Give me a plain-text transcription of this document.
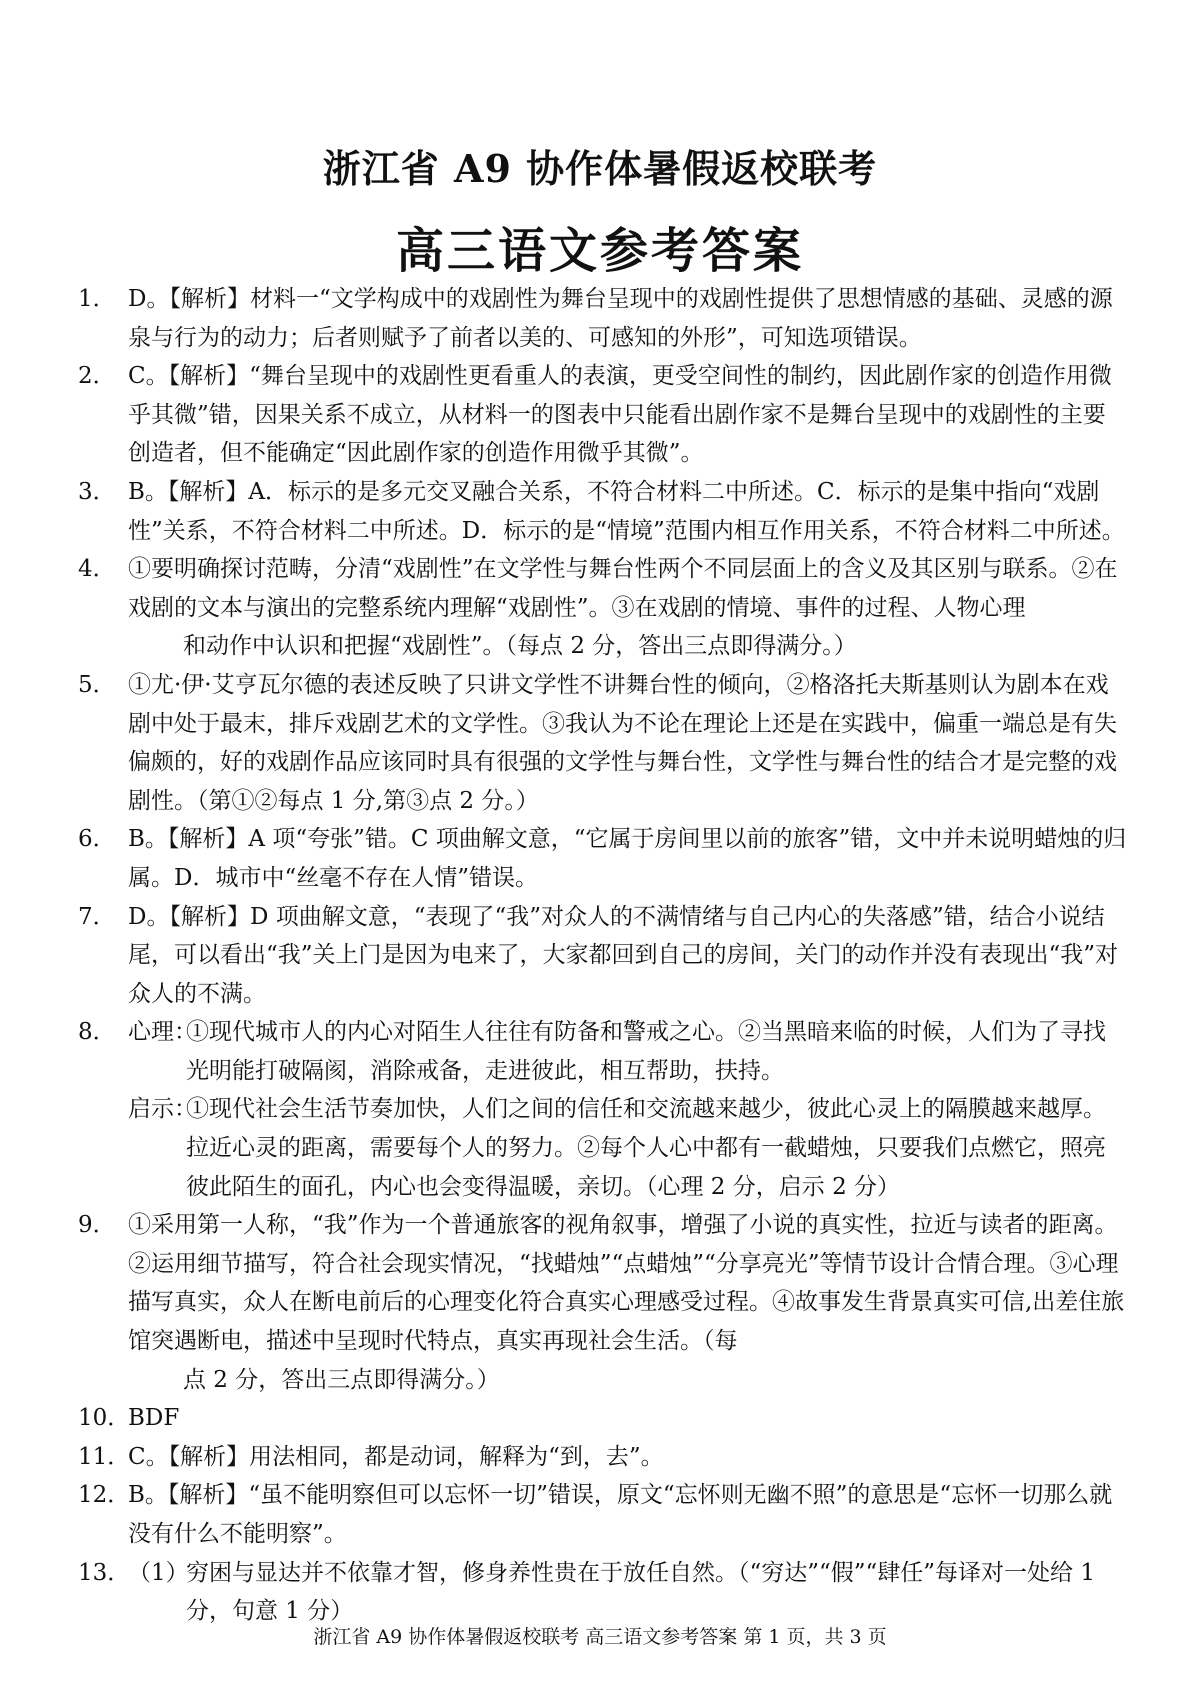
浙江省 A9 协作体暑假返校联考
高三语文参考答案
1． D。【解析】材料一“文学构成中的戏剧性为舞台呈现中的戏剧性提供了思想情感的基础、灵感的源泉与行为的动力；后者则赋予了前者以美的、可感知的外形”，可知选项错误。
2． C。【解析】“舞台呈现中的戏剧性更看重人的表演，更受空间性的制约，因此剧作家的创造作用微乎其微”错，因果关系不成立，从材料一的图表中只能看出剧作家不是舞台呈现中的戏剧性的主要创造者，但不能确定“因此剧作家的创造作用微乎其微”。
3． B。【解析】A．标示的是多元交叉融合关系，不符合材料二中所述。C．标示的是集中指向“戏剧性”关系，不符合材料二中所述。D．标示的是“情境”范围内相互作用关系，不符合材料二中所述。
4． ①要明确探讨范畴，分清“戏剧性”在文学性与舞台性两个不同层面上的含义及其区别与联系。②在戏剧的文本与演出的完整系统内理解“戏剧性”。③在戏剧的情境、事件的过程、人物心理
和动作中认识和把握“戏剧性”。（每点 2 分，答出三点即得满分。）
5． ①尤·伊·艾亨瓦尔德的表述反映了只讲文学性不讲舞台性的倾向，②格洛托夫斯基则认为剧本在戏剧中处于最末，排斥戏剧艺术的文学性。③我认为不论在理论上还是在实践中，偏重一端总是有失偏颇的，好的戏剧作品应该同时具有很强的文学性与舞台性，文学性与舞台性的结合才是完整的戏剧性。（第①②每点 1 分,第③点 2 分。）
6． B。【解析】A 项“夸张”错。C 项曲解文意，“它属于房间里以前的旅客”错，文中并未说明蜡烛的归属。D．城市中“丝毫不存在人情”错误。
7． D。【解析】D 项曲解文意，“表现了“我”对众人的不满情绪与自己内心的失落感”错，结合小说结尾，可以看出“我”关上门是因为电来了，大家都回到自己的房间，关门的动作并没有表现出“我”对众人的不满。
8． 心理：
①现代城市人的内心对陌生人往往有防备和警戒之心。②当黑暗来临的时候，人们为了寻找光明能打破隔阂，消除戒备，走进彼此，相互帮助，扶持。
启示：
①现代社会生活节奏加快，人们之间的信任和交流越来越少，彼此心灵上的隔膜越来越厚。拉近心灵的距离，需要每个人的努力。②每个人心中都有一截蜡烛，只要我们点燃它，照亮彼此陌生的面孔，内心也会变得温暖，亲切。（心理 2 分，启示 2 分）
9． ①采用第一人称，“我”作为一个普通旅客的视角叙事，增强了小说的真实性，拉近与读者的距离。②运用细节描写，符合社会现实情况，“找蜡烛”“点蜡烛”“分享亮光”等情节设计合情合理。③心理描写真实，众人在断电前后的心理变化符合真实心理感受过程。④故事发生背景真实可信,出差住旅馆突遇断电，描述中呈现时代特点，真实再现社会生活。（每
点 2 分，答出三点即得满分。）
10．
BDF
11．
C。【解析】用法相同，都是动词，解释为“到，去”。
12．
B。【解析】“虽不能明察但可以忘怀一切”错误，原文“忘怀则无幽不照”的意思是“忘怀一切那么就没有什么不能明察”。
13．
（1）
穷困与显达并不依靠才智，修身养性贵在于放任自然。（“穷达”“假”“肆任”每译对一处给 1 分，句意 1 分）
浙江省 A9 协作体暑假返校联考 高三语文参考答案 第 1 页，共 3 页
